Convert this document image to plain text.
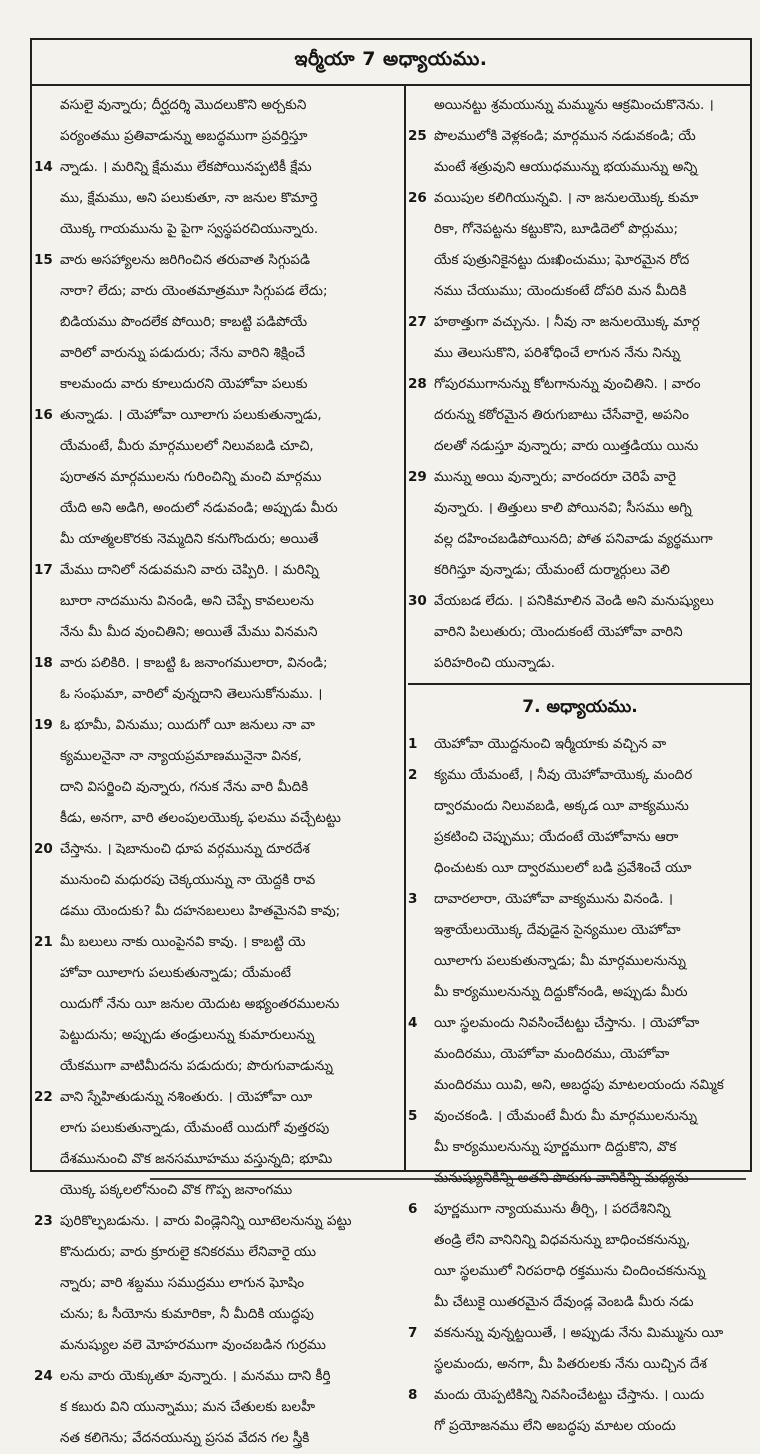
ఇర్మీయా 7 అధ్యాయము.
వసులై వున్నారు; దీర్ఘదర్శి మొదలుకొని అర్చకుని
పర్యంతము ప్రతివాడున్ను అబద్ధముగా ప్రవర్తిస్తూ
14 న్నాడు. । మరిన్ని క్షేమము లేకపోయినప్పటికీ క్షేమ
ము, క్షేమము, అని పలుకుతూ, నా జనుల కొమార్తె
యొక్క గాయమును పై పైగా స్వస్థపరచియున్నారు.
15 వారు అసహ్యాలను జరిగించిన తరువాత సిగ్గుపడి
నారా? లేదు; వారు యెంతమాత్రమూ సిగ్గుపడ లేదు;
బిడియము పొందలేక పోయిరి; కాబట్టి పడిపోయే
వారిలో వారున్ను పడుదురు; నేను వారిని శిక్షించే
కాలమందు వారు కూలుదురని యెహోవా పలుకు
16 తున్నాడు. । యెహోవా యీలాగు పలుకుతున్నాడు,
యేమంటే, మీరు మార్గములలో నిలువబడి చూచి,
పురాతన మార్గములను గురించిన్ని మంచి మార్గము
యేది అని అడిగి, అందులో నడువండి; అప్పుడు మీరు
మీ యాత్మలకొరకు నెమ్మదిని కనుగొందురు; అయితే
17 మేము దానిలో నడువమని వారు చెప్పిరి. । మరిన్ని
బూరా నాదమును వినండి, అని చెప్పే కావలులను
నేను మీ మీద వుంచితిని; అయితే మేము వినమని
18 వారు పలికిరి. । కాబట్టి ఓ జనాంగములారా, వినండి;
ఓ సంఘమా, వారిలో వున్నదాని తెలుసుకోనుము. ।
19 ఓ భూమీ, వినుము; యిదుగో యీ జనులు నా వా
క్యములనైనా నా న్యాయప్రమాణమునైనా వినక,
దాని విసర్జించి వున్నారు, గనుక నేను వారి మీదికి
కీడు, అనగా, వారి తలంపులయొక్క ఫలము వచ్చేటట్టు
20 చేస్తాను. । షెబానుంచి ధూప వర్గమున్ను దూరదేశ
మునుంచి మధురపు చెక్కయున్ను నా యెద్దకి రావ
డము యెందుకు? మీ దహనబలులు హితమైనవి కావు;
21 మీ బలులు నాకు యింపైనవి కావు. । కాబట్టి యె
హోవా యీలాగు పలుకుతున్నాడు; యేమంటే
యిదుగో నేను యీ జనుల యెదుట అభ్యంతరములను
పెట్టుదును; అప్పుడు తండ్రులున్ను కుమారులున్ను
యేకముగా వాటిమీదను పడుదురు; పొరుగువాడున్ను
22 వాని స్నేహితుడున్ను నశింతురు. । యెహోవా యీ
లాగు పలుకుతున్నాడు, యేమంటే యిదుగో వుత్తరపు
దేశమునుంచి వొక జనసమూహము వస్తున్నది; భూమి
యొక్క పక్కలలోనుంచి వొక గొప్ప జనాంగము
23 పురికొల్పబడును. । వారు విండ్లెనిన్ని యీటెలనున్ను పట్టు
కొనుదురు; వారు క్రూరులై కనికరము లేనివారై యు
న్నారు; వారి శబ్దము సముద్రము లాగున ఘోషిం
చును; ఓ సీయోను కుమారికా, నీ మీదికి యుద్ధపు
మనుష్యుల వలె మోహరముగా వుంచబడిన గుర్రము
24 లను వారు యెక్కుతూ వున్నారు. । మనము దాని కీర్తి
క కబురు విని యున్నాము; మన చేతులకు బలహీ
నత కలిగెను; వేదనయున్ను ప్రసవ వేదన గల స్త్రీకి
అయినట్టు శ్రమయున్ను మమ్మును ఆక్రమించుకొనెను. ।
25 పొలములోకి వెళ్లకండి; మార్గమున నడువకండి; యే
మంటే శత్రువుని ఆయుధమున్ను భయమున్ను అన్ని
26 వయిపుల కలిగియున్నవి. । నా జనులయొక్క కుమా
రికా, గోనెపట్టను కట్టుకొని, బూడిదెలో పొర్లుము;
యేక పుత్రునికైనట్టు దుఃఖించుము; ఘోరమైన రోద
నము చేయుము; యెందుకంటే దోపరి మన మీదికి
27 హఠాత్తుగా వచ్చును. । నీవు నా జనులయొక్క మార్గ
ము తెలుసుకొని, పరిశోధించే లాగున నేను నిన్ను
28 గోపురముగానున్ను కోటగానున్ను వుంచితిని. । వారం
దరున్ను కఠోరమైన తిరుగుబాటు చేసేవారై, అపనిం
దలతో నడుస్తూ వున్నారు; వారు యిత్తడియు యిను
29 మున్ను అయి వున్నారు; వారందరూ చెరిపే వారై
వున్నారు. । తిత్తులు కాలి పోయినవి; సీసము అగ్ని
వల్ల దహించబడిపోయినది; పోత పనివాడు వ్యర్థముగా
కరిగిస్తూ వున్నాడు; యేమంటే దుర్మార్గులు వెలి
30 వేయబడ లేదు. । పనికిమాలిన వెండి అని మనుష్యులు
వారిని పిలుతురు; యెందుకంటే యెహోవా వారిని
పరిహరించి యున్నాడు.
7. అధ్యాయము.
1 యెహోవా యొద్దనుంచి ఇర్మీయాకు వచ్చిన వా
2 క్యము యేమంటే, । నీవు యెహోవాయొక్క మందిర
ద్వారమందు నిలువబడి, అక్కడ యీ వాక్యమును
ప్రకటించి చెప్పుము; యేదంటే యెహోవాను ఆరా
ధించుటకు యీ ద్వారములలో బడి ప్రవేశించే యూ
3 దావారలారా, యెహోవా వాక్యమును వినండి. ।
ఇశ్రాయేలుయొక్క దేవుడైన సైన్యముల యెహోవా
యీలాగు పలుకుతున్నాడు; మీ మార్గములనున్ను
మీ కార్యములనున్ను దిద్దుకోనండి, అప్పుడు మీరు
4 యీ స్థలమందు నివసించేటట్టు చేస్తాను. । యెహోవా
మందిరము, యెహోవా మందిరము, యెహోవా
మందిరము యివి, అని, అబద్ధపు మాటలయందు నమ్మిక
5 వుంచకండి. । యేమంటే మీరు మీ మార్గములనున్ను
మీ కార్యములనున్ను పూర్ణముగా దిద్దుకొని, వొక
మనుష్యునికిన్ని అతని పొరుగు వానికిన్ని మధ్యను
6 పూర్ణముగా న్యాయమును తీర్చి, । పరదేశినిన్ని
తండ్రి లేని వానినిన్ని విధవనున్ను బాధించకనున్ను,
యీ స్థలములో నిరపరాధి రక్తమును చిందించకనున్ను
మీ చేటుకై యితరమైన దేవుండ్ల వెంబడి మీరు నడు
7 వకనున్ను వున్నట్టయితే, । అప్పుడు నేను మిమ్మును యీ
స్థలమందు, అనగా, మీ పితరులకు నేను యిచ్చిన దేశ
8 మందు యెప్పటికిన్ని నివసించేటట్టు చేస్తాను. । యిదు
గో ప్రయోజనము లేని అబద్ధపు మాటల యందు
